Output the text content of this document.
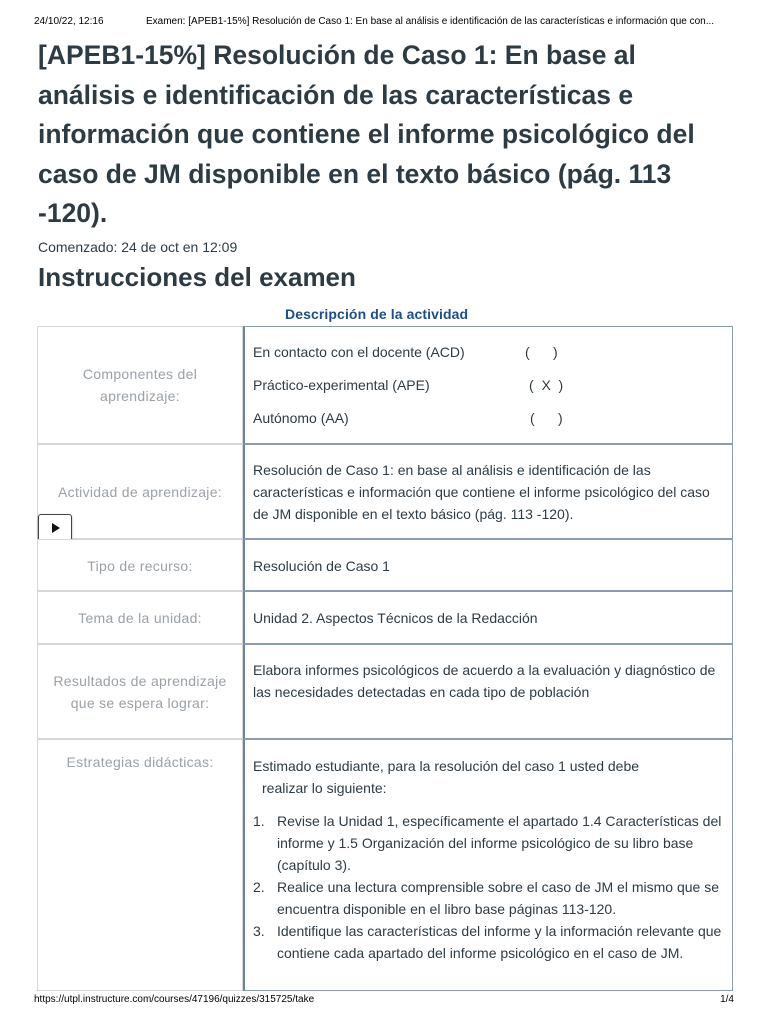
24/10/22, 12:16	Examen: [APEB1-15%] Resolución de Caso 1: En base al análisis e identificación de las características e información que con...
[APEB1-15%] Resolución de Caso 1: En base al análisis e identificación de las características e información que contiene el informe psicológico del caso de JM disponible en el texto básico (pág. 113 -120).
Comenzado: 24 de oct en 12:09
Instrucciones del examen
Descripción de la actividad
Componentes del aprendizaje:
En contacto con el docente (ACD)	(      )
Práctico-experimental (APE)	(  X  )
Autónomo (AA)	(      )
Actividad de aprendizaje:
Resolución de Caso 1: en base al análisis e identificación de las características e información que contiene el informe psicológico del caso de JM disponible en el texto básico (pág. 113 -120).
Tipo de recurso:	Resolución de Caso 1
Tema de la unidad:	Unidad 2. Aspectos Técnicos de la Redacción
Resultados de aprendizaje que se espera lograr:
Elabora informes psicológicos de acuerdo a la evaluación y diagnóstico de las necesidades detectadas en cada tipo de población
Estrategias didácticas:	Estimado estudiante, para la resolución del caso 1 usted debe
realizar lo siguiente:
1. Revise la Unidad 1, específicamente el apartado 1.4 Características del informe y 1.5 Organización del informe psicológico de su libro base (capítulo 3).
2. Realice una lectura comprensible sobre el caso de JM el mismo que se encuentra disponible en el libro base páginas 113-120.
3. Identifique las características del informe y la información relevante que contiene cada apartado del informe psicológico en el caso de JM.
https://utpl.instructure.com/courses/47196/quizzes/315725/take	1/4
